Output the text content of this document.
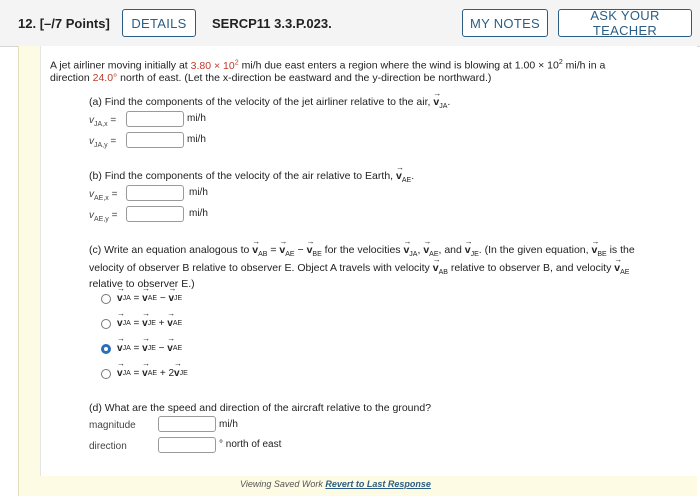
12. [–/7 Points]	DETAILS	SERCP11 3.3.P.023.	MY NOTES	ASK YOUR TEACHER
A jet airliner moving initially at $3.80 \times 10^2$ mi/h due east enters a region where the wind is blowing at $1.00 \times 10^2$ mi/h in a
direction 24.0° north of east. (Let the x-direction be eastward and the y-direction be northward.)
(a) Find the components of the velocity of the jet airliner relative to the air, → $v_{JA}$.
$v_{JA,x}$ =	mi/h
$v_{JA,y}$ =	mi/h
(b) Find the components of the velocity of the air relative to Earth, → $v_{AE}$.
$v_{AE,x}$ =	mi/h
$v_{AE,y}$ =	mi/h
(c) Write an equation analogous to → $v_{AB}$ = → $v_{AE}$ − → $v_{BE}$ for the velocities → $v_{JA}$, → $v_{AE}$, and → $v_{JE}$. (In the given equation, → $v_{BE}$ is the
velocity of observer B relative to observer E. Object A travels with velocity → $v_{AB}$ relative to observer B, and velocity → $v_{AE}$
relative to observer E.)
→ v JA = → v AE
−
→ v JE
→ v JA = → v JE
+
→ v AE
→ v JA = → v JE
−
→ v AE
→ v JA = → v AE
+
2 → v JE
(d) What are the speed and direction of the aircraft relative to the ground?
magnitude	mi/h
direction	° north of east
Viewing Saved Work Revert to Last Response
